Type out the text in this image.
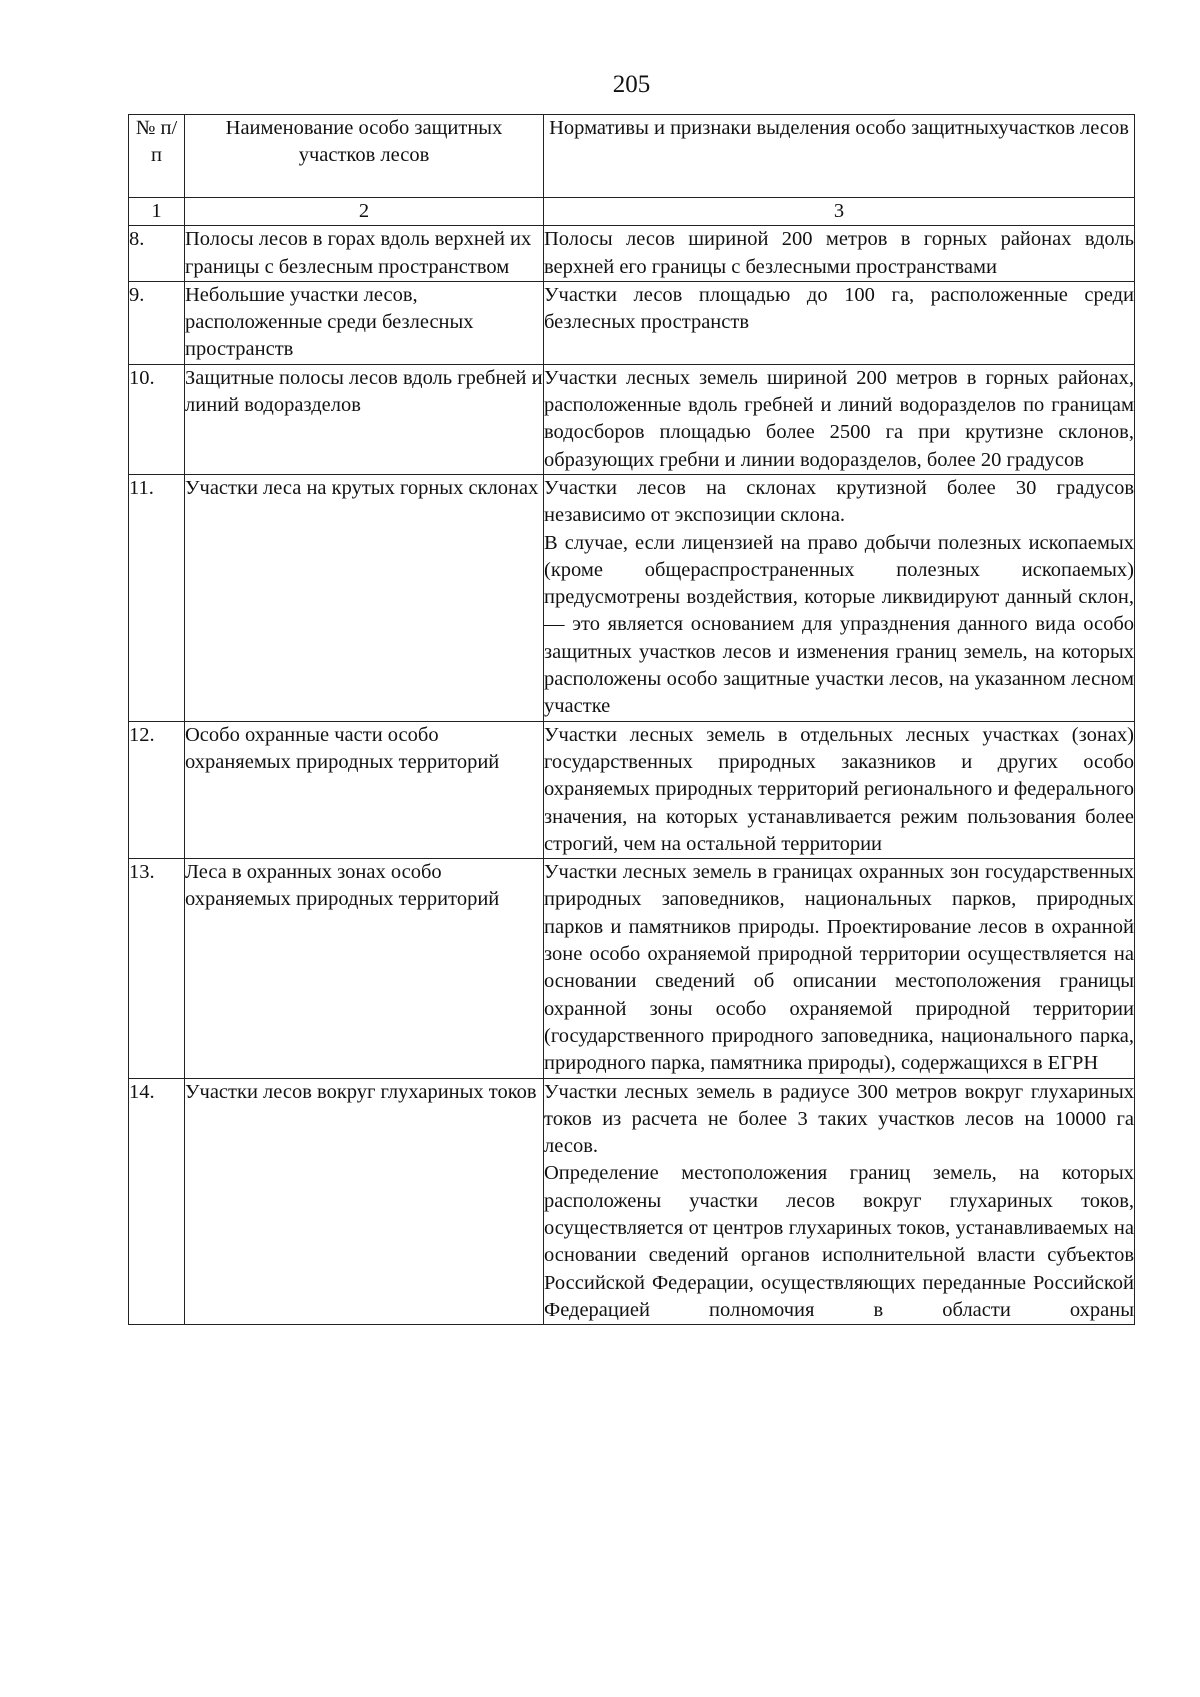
205
№ п/ п	Наименование особо защитных участков лесов	Нормативы и признаки выделения особо защитныхучастков лесов
1	2	3
8.	Полосы лесов в горах вдоль верхней их границы с безлесным пространством	Полосы лесов шириной 200 метров в горных районах вдоль верхней его границы с безлесными пространствами

9.	Небольшие участки лесов, расположенные среди безлесных пространств	Участки лесов площадью до 100 га, расположенные среди безлесных пространств

10.	Защитные полосы лесов вдоль гребней и линий водоразделов	Участки лесных земель шириной 200 метров в горных районах, расположенные вдоль гребней и линий водоразделов по границам водосборов площадью более 2500 га при крутизне склонов, образующих гребни и линии водоразделов, более 20 градусов

11.	Участки леса на крутых горных склонах	Участки лесов на склонах крутизной более 30 градусов независимо от экспозиции склона.
В случае, если лицензией на право добычи полезных ископаемых (кроме общераспространенных полезных ископаемых) предусмотрены воздействия, которые ликвидируют данный склон, — это является основанием для упразднения данного вида особо защитных участков лесов и изменения границ земель, на которых расположены особо защитные участки лесов, на указанном лесном участке

12.	Особо охранные части особо охраняемых природных территорий	Участки лесных земель в отдельных лесных участках (зонах) государственных природных заказников и других особо охраняемых природных территорий регионального и федерального значения, на которых устанавливается режим пользования более строгий, чем на остальной территории

13.	Леса в охранных зонах особо охраняемых природных территорий	Участки лесных земель в границах охранных зон государственных природных заповедников, национальных парков, природных парков и памятников природы. Проектирование лесов в охранной зоне особо охраняемой природной территории осуществляется на основании сведений об описании местоположения границы охранной зоны особо охраняемой природной территории (государственного природного заповедника, национального парка, природного парка, памятника природы), содержащихся в ЕГРН

14.	Участки лесов вокруг глухариных токов	Участки лесных земель в радиусе 300 метров вокруг глухариных токов из расчета не более 3 таких участков лесов на 10000 га лесов.
Определение местоположения границ земель, на которых расположены участки лесов вокруг глухариных токов, осуществляется от центров глухариных токов, устанавливаемых на основании сведений органов исполнительной власти субъектов Российской Федерации, осуществляющих переданные Российской Федерацией полномочия в области охраны
